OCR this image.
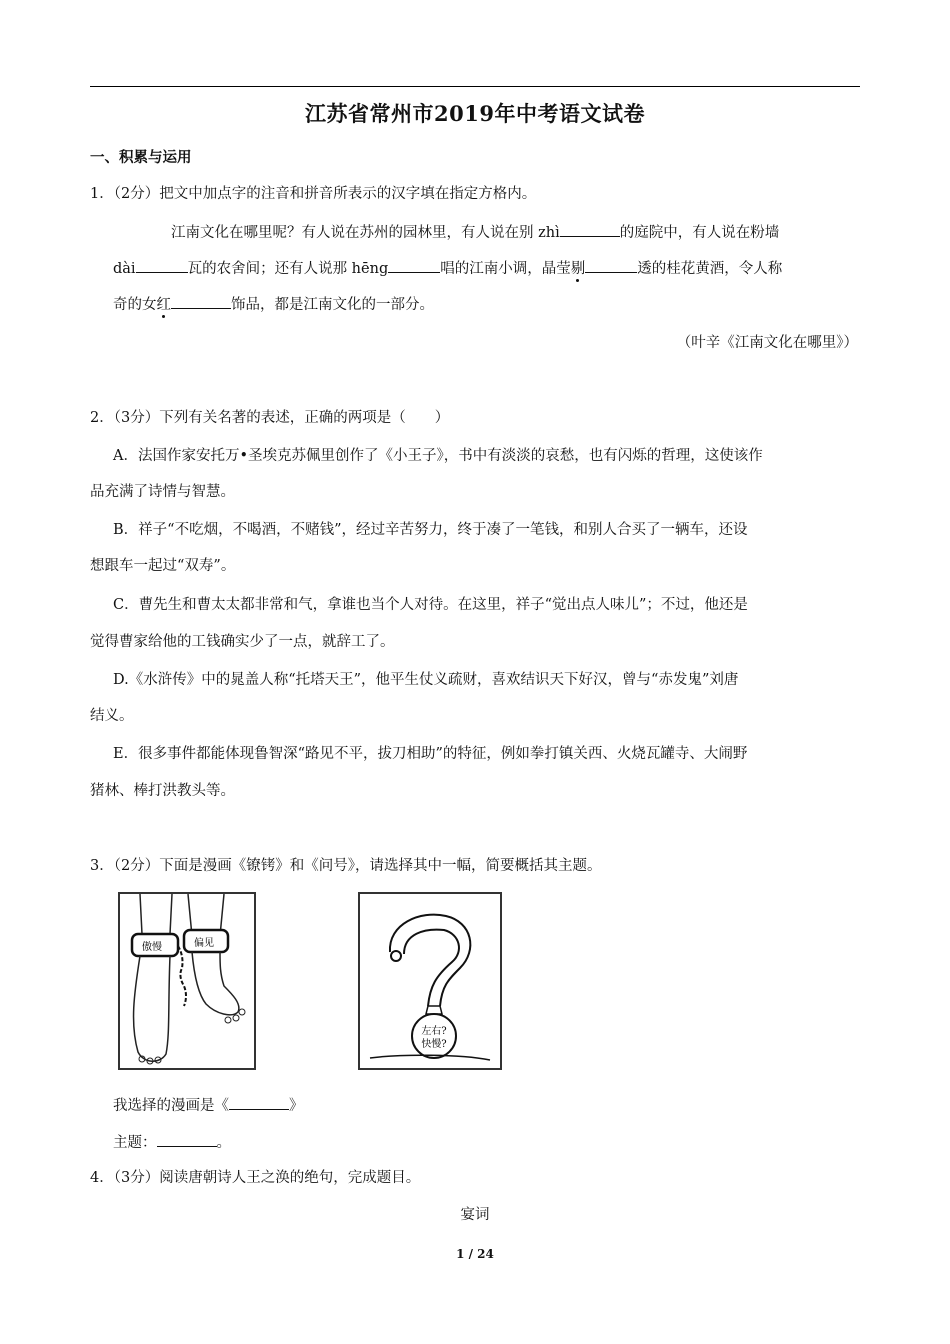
江苏省常州市2019年中考语文试卷
一、积累与运用
1．（2分）把文中加点字的注音和拼音所表示的汉字填在指定方格内。
江南文化在哪里呢？有人说在苏州的园林里，有人说在别 zhì	的庭院中，有人说在粉墙
dài	瓦的农舍间；还有人说那 hēng	唱的江南小调，晶莹剔	透的桂花黄酒，令人称
奇的女红	饰品，都是江南文化的一部分。
（叶辛《江南文化在哪里》）
2．（3分）下列有关名著的表述，正确的两项是（　　）
A．法国作家安托万•圣埃克苏佩里创作了《小王子》，书中有淡淡的哀愁，也有闪烁的哲理，这使该作
品充满了诗情与智慧。
B．祥子“不吃烟，不喝酒，不赌钱”，经过辛苦努力，终于凑了一笔钱，和别人合买了一辆车，还设
想跟车一起过“双寿”。
C．曹先生和曹太太都非常和气，拿谁也当个人对待。在这里，祥子“觉出点人味儿”；不过，他还是
觉得曹家给他的工钱确实少了一点，就辞工了。
D.《水浒传》中的晁盖人称“托塔天王”，他平生仗义疏财，喜欢结识天下好汉，曾与“赤发鬼”刘唐
结义。
E．很多事件都能体现鲁智深“路见不平，拔刀相助”的特征，例如拳打镇关西、火烧瓦罐寺、大闹野
猪林、棒打洪教头等。
3．（2分）下面是漫画《镣铐》和《问号》，请选择其中一幅，简要概括其主题。
傲慢	偏见
左右?
快慢?
我选择的漫画是《	》
主题：	。
4．（3分）阅读唐朝诗人王之涣的绝句，完成题目。
宴词
1 / 24
